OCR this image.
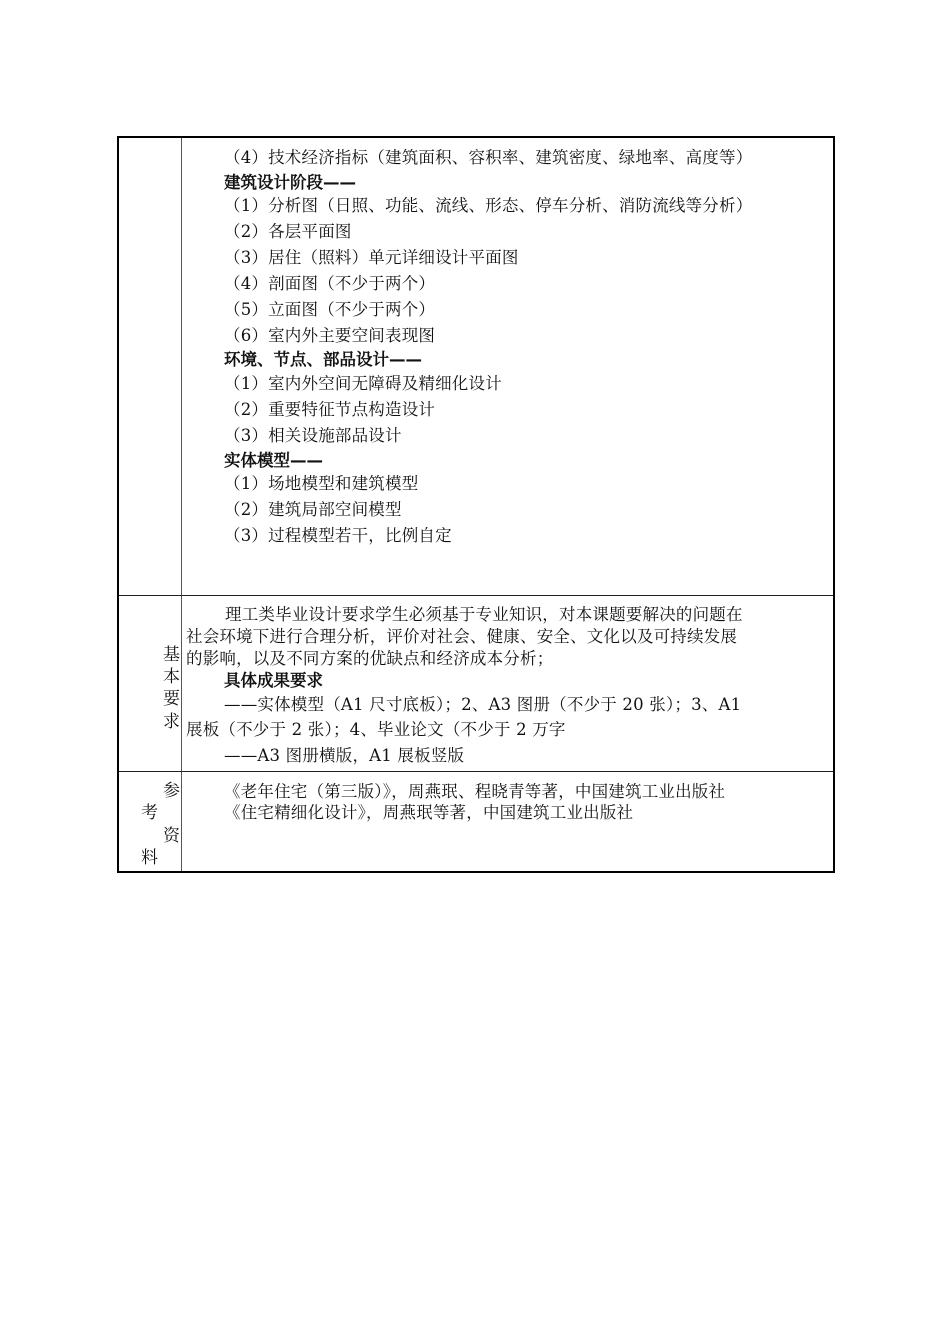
（4）技术经济指标（建筑面积、容积率、建筑密度、绿地率、高度等）
建筑设计阶段——
（1）分析图（日照、功能、流线、形态、停车分析、消防流线等分析）
（2）各层平面图
（3）居住（照料）单元详细设计平面图
（4）剖面图（不少于两个）
（5）立面图（不少于两个）
（6）室内外主要空间表现图
环境、节点、部品设计——
（1）室内外空间无障碍及精细化设计
（2）重要特征节点构造设计
（3）相关设施部品设计
实体模型——
（1）场地模型和建筑模型
（2）建筑局部空间模型
（3）过程模型若干，比例自定
基
本
要
求
理工类毕业设计要求学生必须基于专业知识，对本课题要解决的问题在
社会环境下进行合理分析，评价对社会、健康、安全、文化以及可持续发展
的影响，以及不同方案的优缺点和经济成本分析；
具体成果要求
——实体模型（A1 尺寸底板）；2、A3 图册（不少于 20 张）；3、A1
展板（不少于 2 张）；4、毕业论文（不少于 2 万字
——A3 图册横版，A1 展板竖版
参
考
资
料
《老年住宅（第三版）》，周燕珉、程晓青等著，中国建筑工业出版社
《住宅精细化设计》，周燕珉等著，中国建筑工业出版社
